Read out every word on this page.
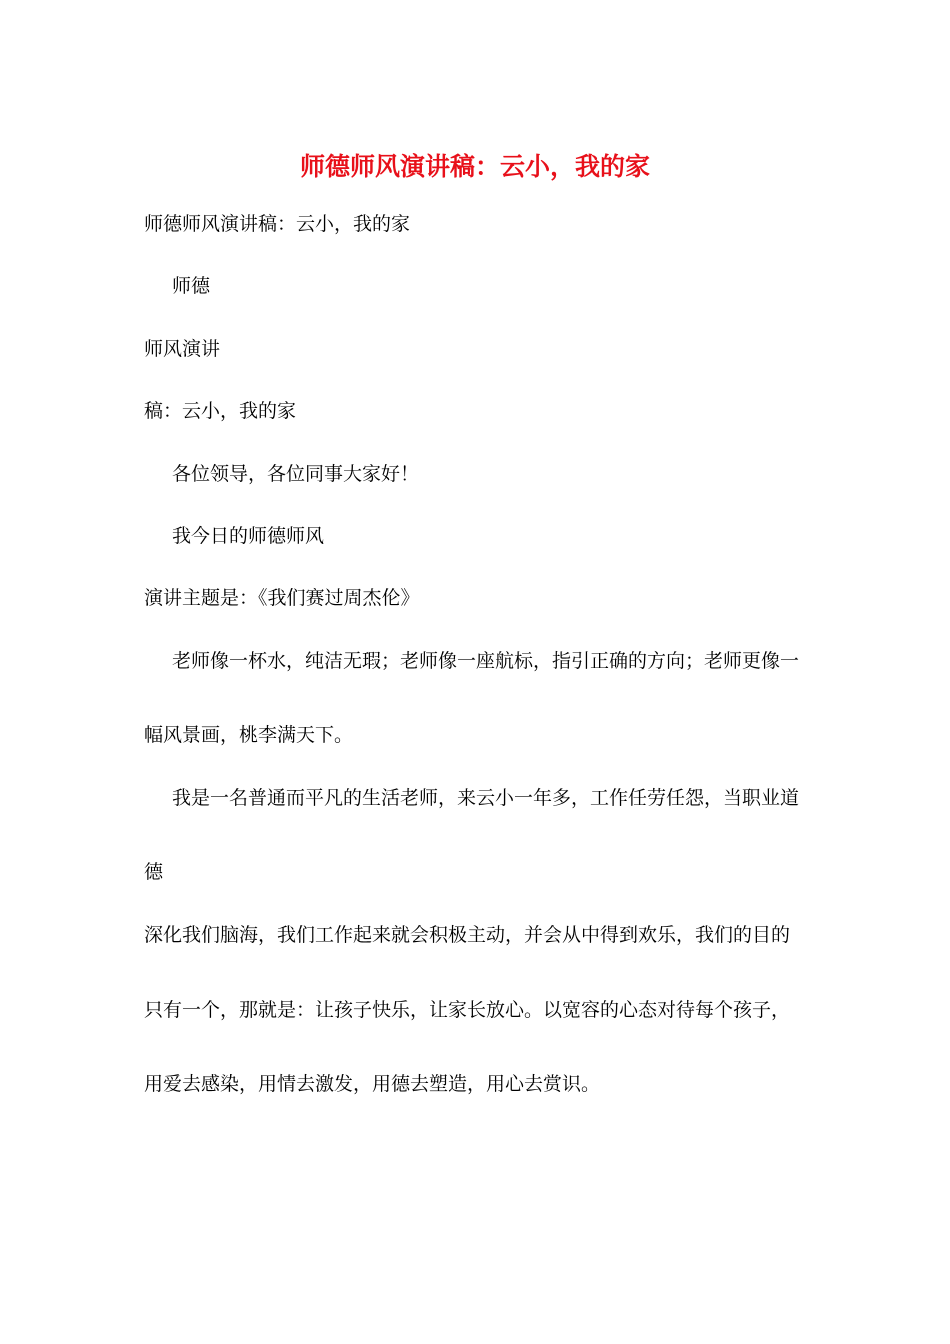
师德师风演讲稿：云小，我的家
师德师风演讲稿：云小，我的家
师德
师风演讲
稿：云小，我的家
各位领导，各位同事大家好！
我今日的师德师风
演讲主题是：《我们赛过周杰伦》
老师像一杯水，纯洁无瑕；老师像一座航标，指引正确的方向；老师更像一
幅风景画，桃李满天下。
我是一名普通而平凡的生活老师，来云小一年多，工作任劳任怨，当职业道
德
深化我们脑海，我们工作起来就会积极主动，并会从中得到欢乐，我们的目的
只有一个，那就是：让孩子快乐，让家长放心。以宽容的心态对待每个孩子，
用爱去感染，用情去激发，用德去塑造，用心去赏识。
